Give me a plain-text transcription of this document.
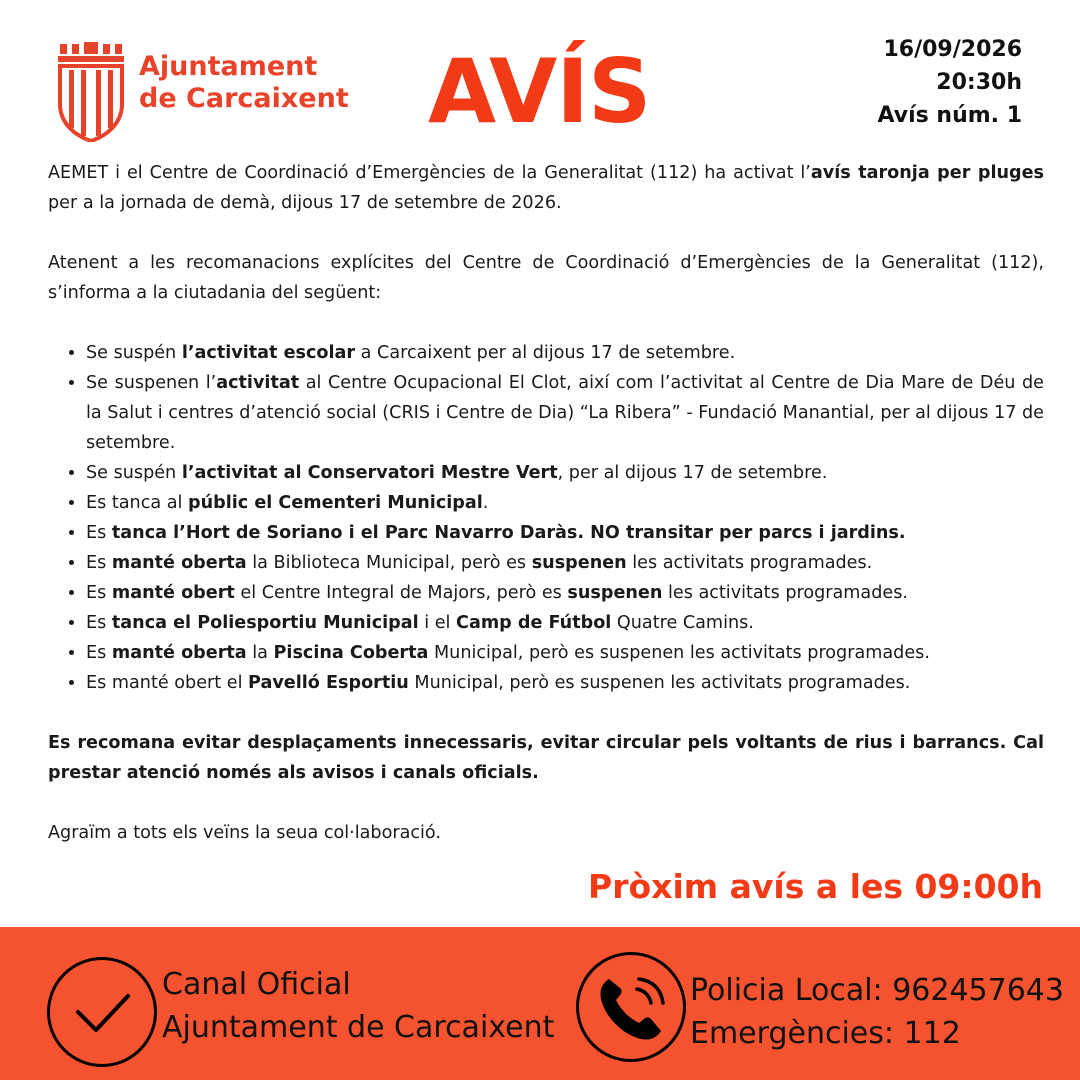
Ajuntament
de Carcaixent AVÍS	16/09/2026
20:30h
Avís núm. 1

AEMET i el Centre de Coordinació d’Emergències de la Generalitat (112) ha activat l’avís taronja per pluges per a la jornada de demà, dijous 17 de setembre de 2026.

Atenent a les recomanacions explícites del Centre de Coordinació d’Emergències de la Generalitat (112), s’informa a la ciutadania del següent:

• Se suspén l’activitat escolar a Carcaixent per al dijous 17 de setembre.
• Se suspenen l’activitat al Centre Ocupacional El Clot, així com l’activitat al Centre de Dia Mare de Déu de la Salut i centres d’atenció social (CRIS i Centre de Dia) “La Ribera” - Fundació Manantial, per al dijous 17 de setembre.
• Se suspén l’activitat al Conservatori Mestre Vert, per al dijous 17 de setembre.
• Es tanca al públic el Cementeri Municipal.
• Es tanca l’Hort de Soriano i el Parc Navarro Daràs. NO transitar per parcs i jardins.
• Es manté oberta la Biblioteca Municipal, però es suspenen les activitats programades.
• Es manté obert el Centre Integral de Majors, però es suspenen les activitats programades.
• Es tanca el Poliesportiu Municipal i el Camp de Fútbol Quatre Camins.
• Es manté oberta la Piscina Coberta Municipal, però es suspenen les activitats programades.
• Es manté obert el Pavelló Esportiu Municipal, però es suspenen les activitats programades.

Es recomana evitar desplaçaments innecessaris, evitar circular pels voltants de rius i barrancs. Cal prestar atenció només als avisos i canals oficials.

Agraïm a tots els veïns la seua col·laboració.

Pròxim avís a les 09:00h
Canal Oficial
Ajuntament de Carcaixent
Policia Local: 962457643
Emergències: 112
